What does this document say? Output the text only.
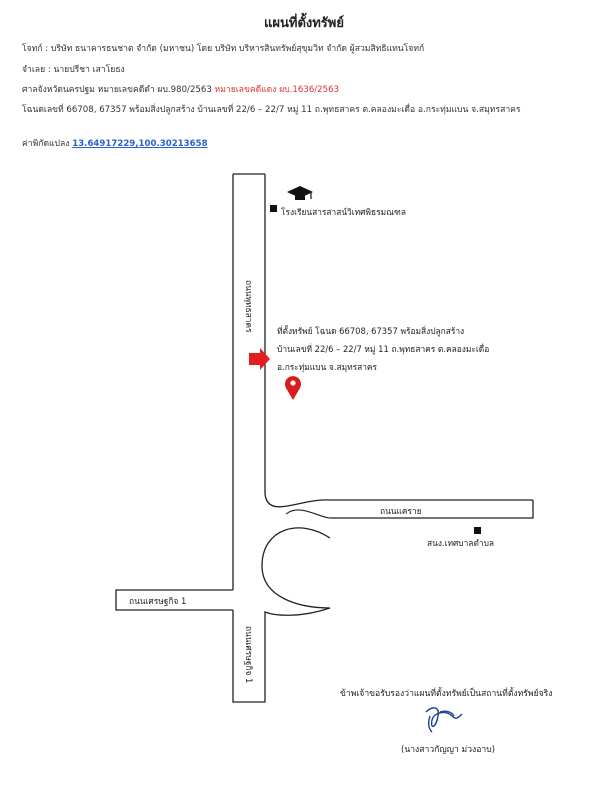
แผนที่ตั้งทรัพย์
โจทก์ : บริษัท ธนาคารธนชาต จำกัด (มหาชน) โดย บริษัท บริหารสินทรัพย์สุขุมวิท จำกัด ผู้สวมสิทธิแทนโจทก์
จำเลย : นายปรีชา เสาโยธง
ศาลจังหวัดนครปฐม หมายเลขคดีดำ ผบ.980/2563 หมายเลขคดีแดง ผบ.1636/2563
โฉนดเลขที่ 66708, 67357 พร้อมสิ่งปลูกสร้าง บ้านเลขที่ 22/6 – 22/7 หมู่ 11 ถ.พุทธสาคร ต.คลองมะเดื่อ อ.กระทุ่มแบน จ.สมุทรสาคร
ค่าพิกัดแปลง 13.64917229,100.30213658
โรงเรียนสารสาสน์วิเทศพิธรมณฑล
ถนนพุทธสาคร	ที่ตั้งทรัพย์ โฉนด 66708, 67357 พร้อมสิ่งปลูกสร้าง
บ้านเลขที่ 22/6 – 22/7 หมู่ 11 ถ.พุทธสาคร ต.คลองมะเดื่อ
อ.กระทุ่มแบน จ.สมุทรสาคร
ถนนแคราย
สนง.เทศบาลตำบล
ถนนเศรษฐกิจ 1
ถนนเศรษฐกิจ 1
ข้าพเจ้าขอรับรองว่าแผนที่ตั้งทรัพย์เป็นสถานที่ตั้งทรัพย์จริง
(นางสาวกัญญา ม่วงอาบ)
